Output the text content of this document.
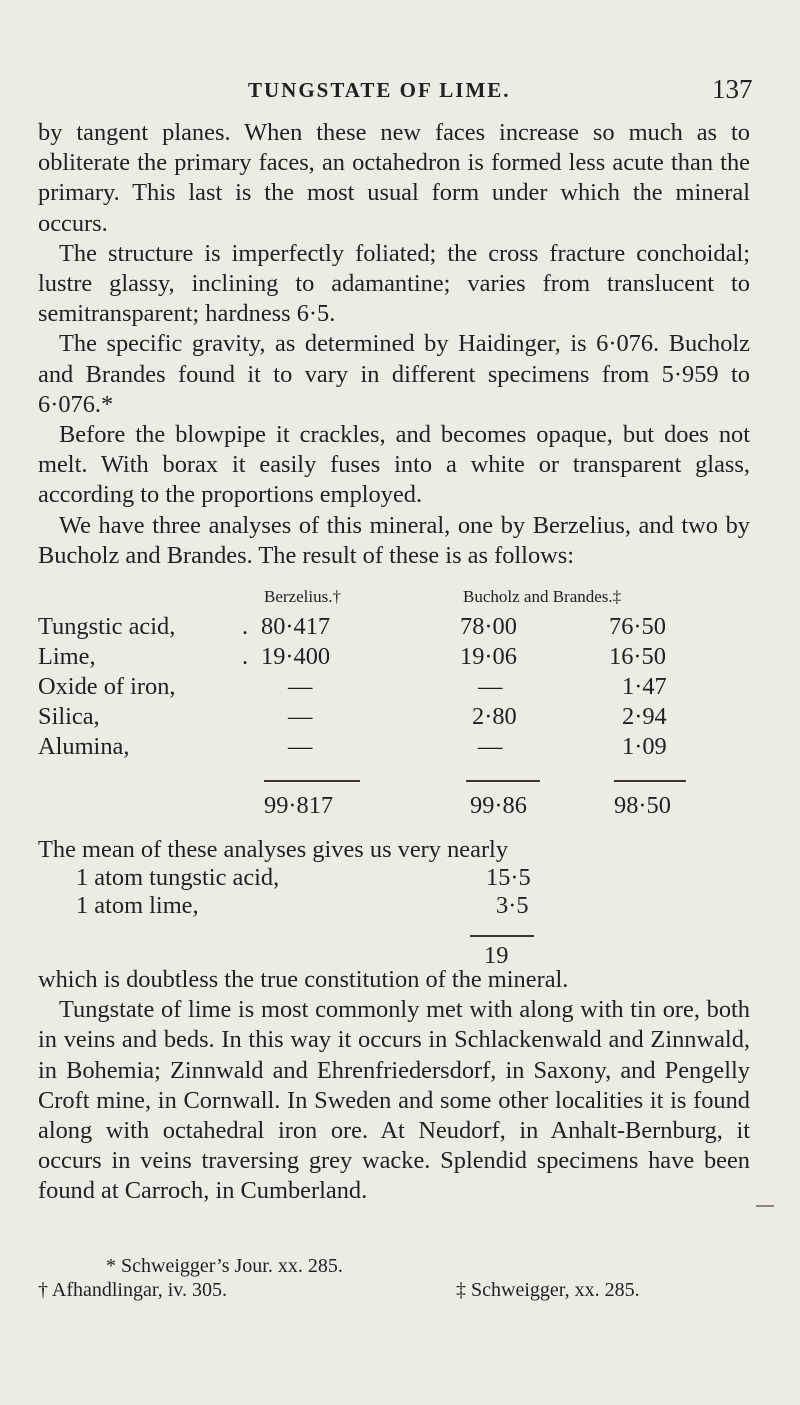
TUNGSTATE OF LIME.	137

by tangent planes. When these new faces increase so much as to obliterate the primary faces, an octahedron is formed less acute than the primary. This last is the most usual form under which the mineral occurs.

The structure is imperfectly foliated; the cross fracture conchoidal; lustre glassy, inclining to adamantine; varies from translucent to semitransparent; hardness 6·5.

The specific gravity, as determined by Haidinger, is 6·076. Bucholz and Brandes found it to vary in different specimens from 5·959 to 6·076.*

Before the blowpipe it crackles, and becomes opaque, but does not melt. With borax it easily fuses into a white or transparent glass, according to the proportions employed.

We have three analyses of this mineral, one by Berzelius, and two by Bucholz and Brandes. The result of these is as follows:

Berzelius.†	Bucholz and Brandes.‡
Tungstic acid,	. 80·417	78·00	76·50
Lime,	. 19·400	19·06	16·50
Oxide of iron,	—	—	1·47
Silica,	—	2·80	2·94
Alumina,	—	—	1·09
99·817	99·86	98·50
The mean of these analyses gives us very nearly
1 atom tungstic acid,	15·5
1 atom lime,	3·5
19

which is doubtless the true constitution of the mineral.

Tungstate of lime is most commonly met with along with tin ore, both in veins and beds. In this way it occurs in Schlackenwald and Zinnwald, in Bohemia; Zinnwald and Ehrenfriedersdorf, in Saxony, and Pengelly Croft mine, in Cornwall. In Sweden and some other localities it is found along with octahedral iron ore. At Neudorf, in Anhalt-Bernburg, it occurs in veins traversing grey wacke. Splendid specimens have been found at Carroch, in Cumberland.

* Schweigger’s Jour. xx. 285.
† Afhandlingar, iv. 305.	‡ Schweigger, xx. 285.
